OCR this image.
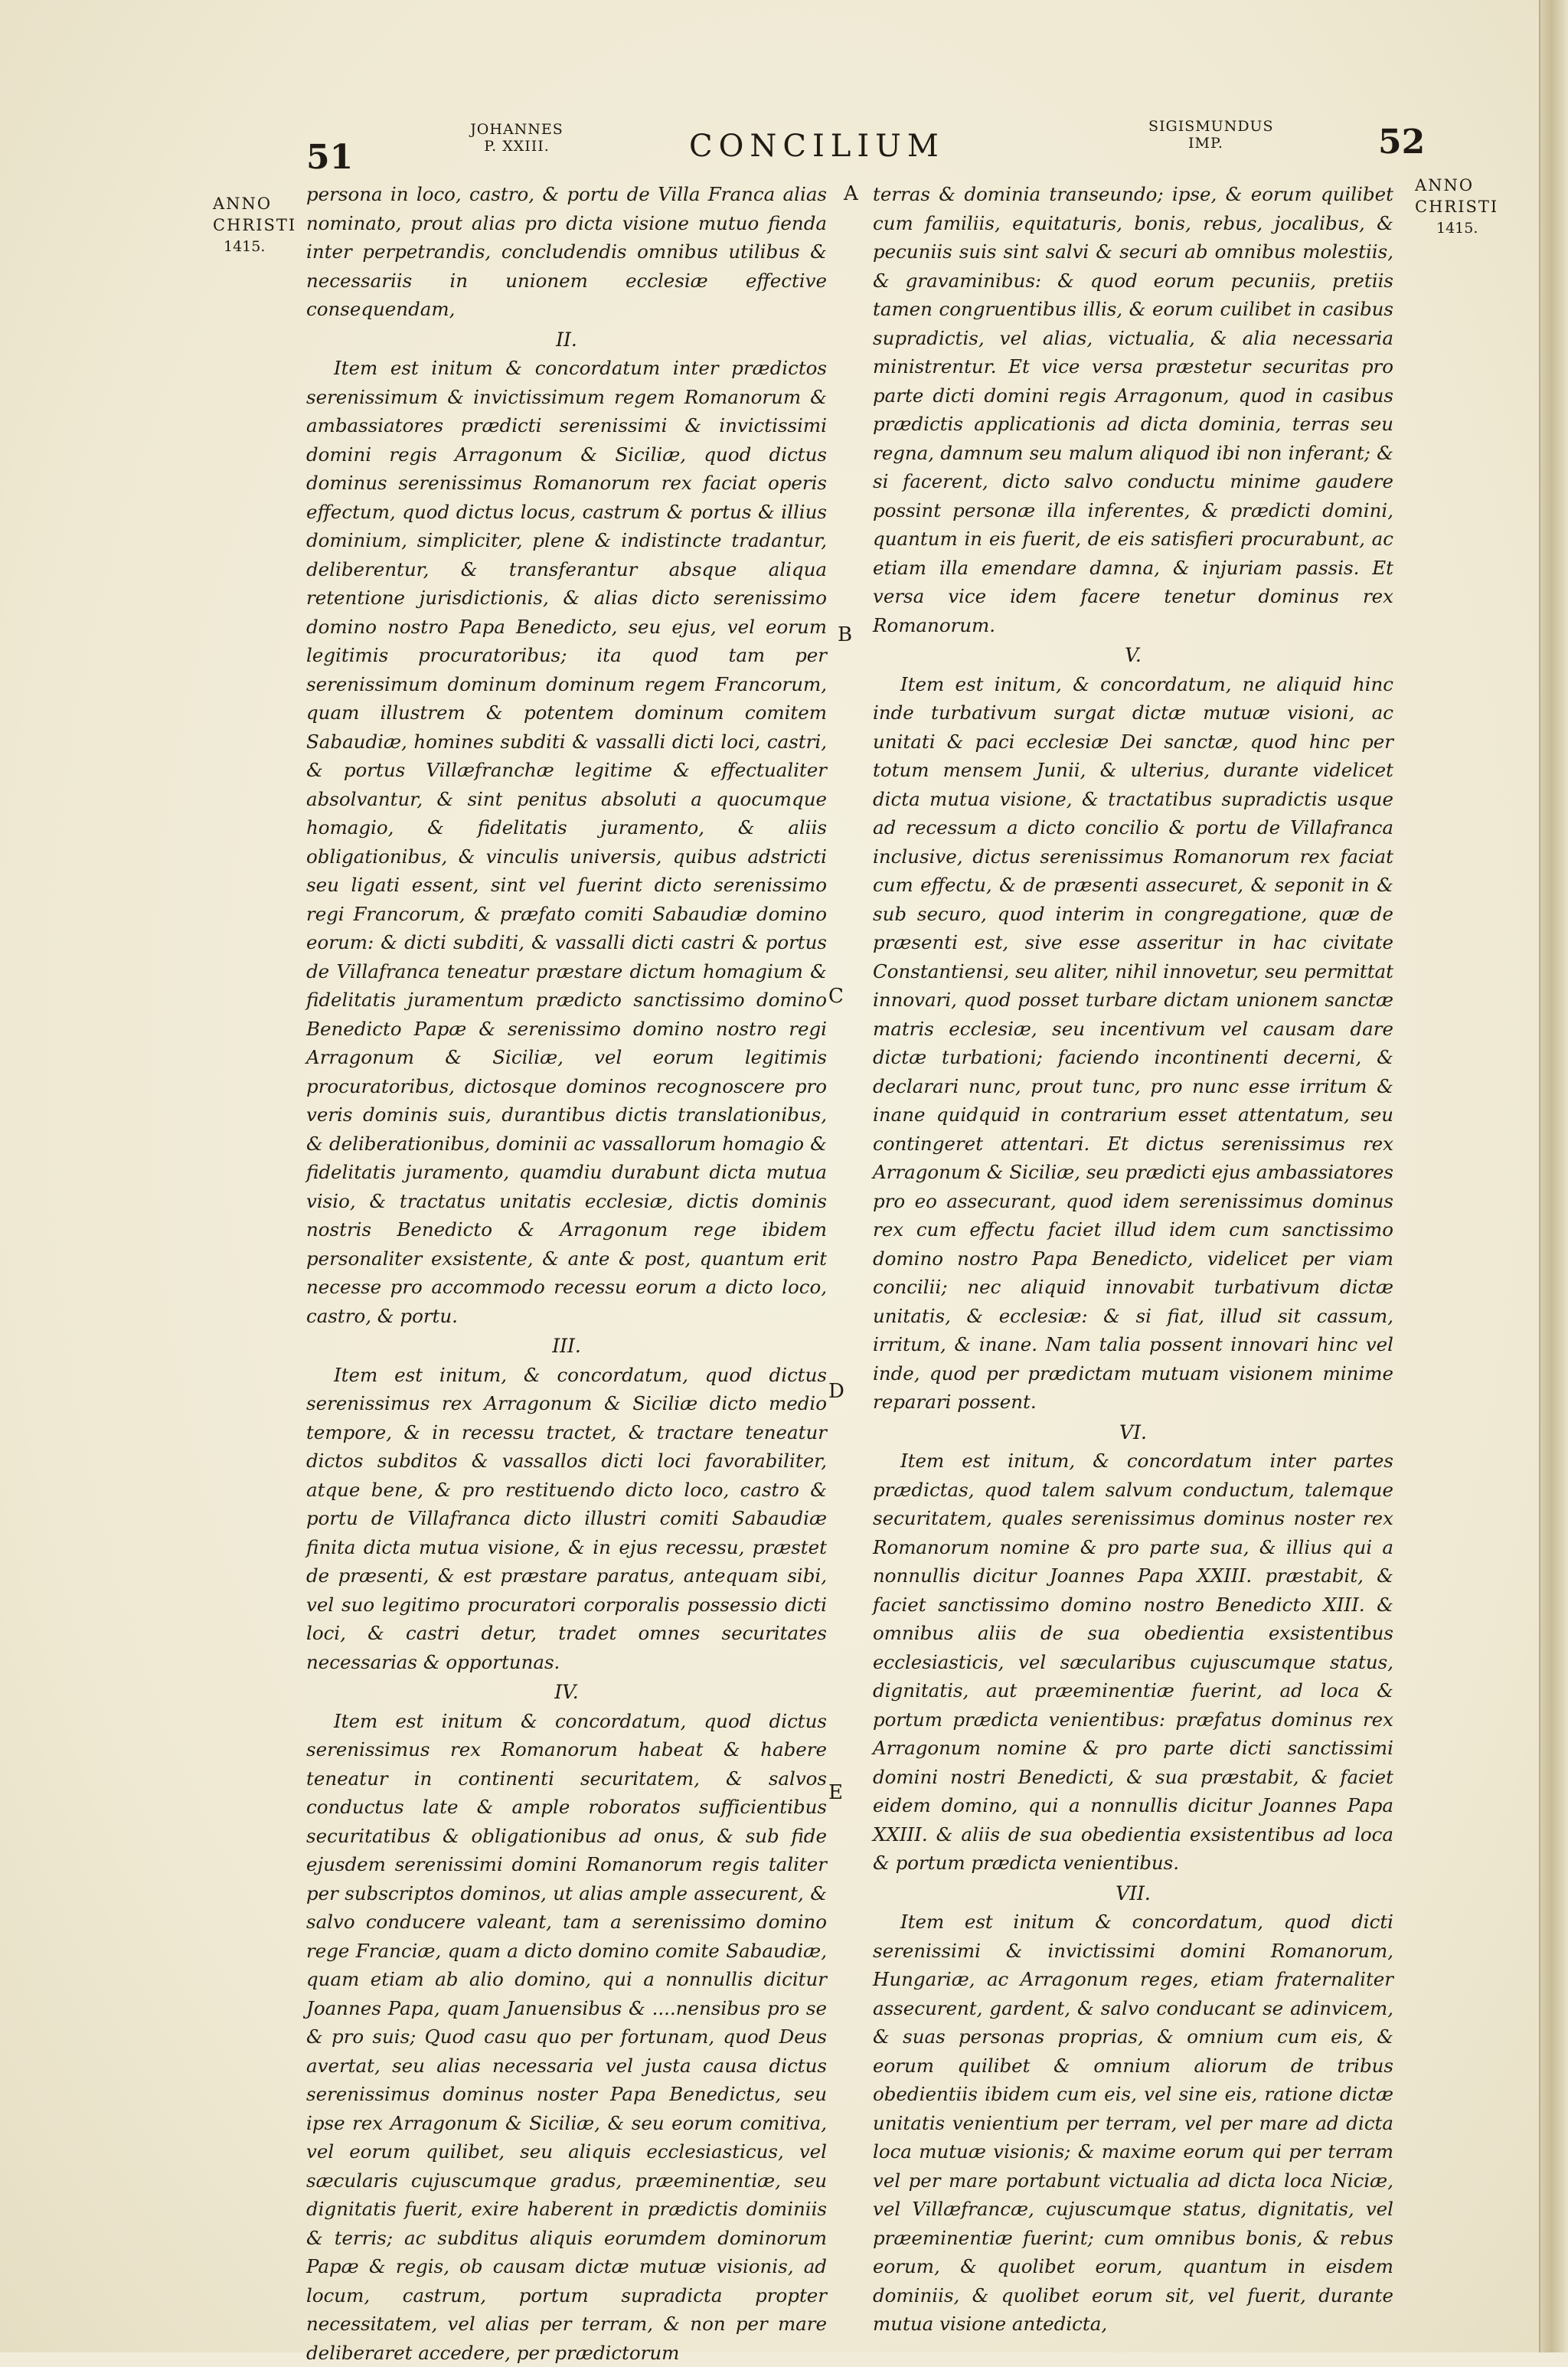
51
JOHANNES
P. XXIII.	CONCILIUM
SIGISMUNDUS
IMP.	52
ANNO
CHRISTI
1415.
ANNO
CHRISTI
1415.
A
B
C
D
E

persona in loco, castro, & portu de Villa Franca alias nominato, prout alias pro dicta visione mutuo fienda inter perpetrandis, concludendis omnibus utilibus & necessariis in unionem ecclesiæ effective consequendam,

II.

Item est initum & concordatum inter prædictos serenissimum & invictissimum regem Romanorum & ambassiatores prædicti serenissimi & invictissimi domini regis Arragonum & Siciliæ, quod dictus dominus serenissimus Romanorum rex faciat operis effectum, quod dictus locus, castrum & portus & illius dominium, simpliciter, plene & indistincte tradantur, deliberentur, & transferantur absque aliqua retentione jurisdictionis, & alias dicto serenissimo domino nostro Papa Benedicto, seu ejus, vel eorum legitimis procuratoribus; ita quod tam per serenissimum dominum dominum regem Francorum, quam illustrem & potentem dominum comitem Sabaudiæ, homines subditi & vassalli dicti loci, castri, & portus Villæfranchæ legitime & effectualiter absolvantur, & sint penitus absoluti a quocumque homagio, & fidelitatis juramento, & aliis obligationibus, & vinculis universis, quibus adstricti seu ligati essent, sint vel fuerint dicto serenissimo regi Francorum, & præfato comiti Sabaudiæ domino eorum: & dicti subditi, & vassalli dicti castri & portus de Villafranca teneatur præstare dictum homagium & fidelitatis juramentum prædicto sanctissimo domino Benedicto Papæ & serenissimo domino nostro regi Arragonum & Siciliæ, vel eorum legitimis procuratoribus, dictosque dominos recognoscere pro veris dominis suis, durantibus dictis translationibus, & deliberationibus, dominii ac vassallorum homagio & fidelitatis juramento, quamdiu durabunt dicta mutua visio, & tractatus unitatis ecclesiæ, dictis dominis nostris Benedicto & Arragonum rege ibidem personaliter exsistente, & ante & post, quantum erit necesse pro accommodo recessu eorum a dicto loco, castro, & portu.

III.

Item est initum, & concordatum, quod dictus serenissimus rex Arragonum & Siciliæ dicto medio tempore, & in recessu tractet, & tractare teneatur dictos subditos & vassallos dicti loci favorabiliter, atque bene, & pro restituendo dicto loco, castro & portu de Villafranca dicto illustri comiti Sabaudiæ finita dicta mutua visione, & in ejus recessu, præstet de præsenti, & est præstare paratus, antequam sibi, vel suo legitimo procuratori corporalis possessio dicti loci, & castri detur, tradet omnes securitates necessarias & opportunas.

IV.

Item est initum & concordatum, quod dictus serenissimus rex Romanorum habeat & habere teneatur in continenti securitatem, & salvos conductus late & ample roboratos sufficientibus securitatibus & obligationibus ad onus, & sub fide ejusdem serenissimi domini Romanorum regis taliter per subscriptos dominos, ut alias ample assecurent, & salvo conducere valeant, tam a serenissimo domino rege Franciæ, quam a dicto domino comite Sabaudiæ, quam etiam ab alio domino, qui a nonnullis dicitur Joannes Papa, quam Januensibus & ....nensibus pro se & pro suis; Quod casu quo per fortunam, quod Deus avertat, seu alias necessaria vel justa causa dictus serenissimus dominus noster Papa Benedictus, seu ipse rex Arragonum & Siciliæ, & seu eorum comitiva, vel eorum quilibet, seu aliquis ecclesiasticus, vel sæcularis cujuscumque gradus, præeminentiæ, seu dignitatis fuerit, exire haberent in prædictis dominiis & terris; ac subditus aliquis eorumdem dominorum Papæ & regis, ob causam dictæ mutuæ visionis, ad locum, castrum, portum supradicta propter necessitatem, vel alias per terram, & non per mare deliberaret accedere, per prædictorum

terras & dominia transeundo; ipse, & eorum quilibet cum familiis, equitaturis, bonis, rebus, jocalibus, & pecuniis suis sint salvi & securi ab omnibus molestiis, & gravaminibus: & quod eorum pecuniis, pretiis tamen congruentibus illis, & eorum cuilibet in casibus supradictis, vel alias, victualia, & alia necessaria ministrentur. Et vice versa præstetur securitas pro parte dicti domini regis Arragonum, quod in casibus prædictis applicationis ad dicta dominia, terras seu regna, damnum seu malum aliquod ibi non inferant; & si facerent, dicto salvo conductu minime gaudere possint personæ illa inferentes, & prædicti domini, quantum in eis fuerit, de eis satisfieri procurabunt, ac etiam illa emendare damna, & injuriam passis. Et versa vice idem facere tenetur dominus rex Romanorum.

V.

Item est initum, & concordatum, ne aliquid hinc inde turbativum surgat dictæ mutuæ visioni, ac unitati & paci ecclesiæ Dei sanctæ, quod hinc per totum mensem Junii, & ulterius, durante videlicet dicta mutua visione, & tractatibus supradictis usque ad recessum a dicto concilio & portu de Villafranca inclusive, dictus serenissimus Romanorum rex faciat cum effectu, & de præsenti assecuret, & seponit in & sub securo, quod interim in congregatione, quæ de præsenti est, sive esse asseritur in hac civitate Constantiensi, seu aliter, nihil innovetur, seu permittat innovari, quod posset turbare dictam unionem sanctæ matris ecclesiæ, seu incentivum vel causam dare dictæ turbationi; faciendo incontinenti decerni, & declarari nunc, prout tunc, pro nunc esse irritum & inane quidquid in contrarium esset attentatum, seu contingeret attentari. Et dictus serenissimus rex Arragonum & Siciliæ, seu prædicti ejus ambassiatores pro eo assecurant, quod idem serenissimus dominus rex cum effectu faciet illud idem cum sanctissimo domino nostro Papa Benedicto, videlicet per viam concilii; nec aliquid innovabit turbativum dictæ unitatis, & ecclesiæ: & si fiat, illud sit cassum, irritum, & inane. Nam talia possent innovari hinc vel inde, quod per prædictam mutuam visionem minime reparari possent.

VI.

Item est initum, & concordatum inter partes prædictas, quod talem salvum conductum, talemque securitatem, quales serenissimus dominus noster rex Romanorum nomine & pro parte sua, & illius qui a nonnullis dicitur Joannes Papa XXIII. præstabit, & faciet sanctissimo domino nostro Benedicto XIII. & omnibus aliis de sua obedientia exsistentibus ecclesiasticis, vel sæcularibus cujuscumque status, dignitatis, aut præeminentiæ fuerint, ad loca & portum prædicta venientibus: præfatus dominus rex Arragonum nomine & pro parte dicti sanctissimi domini nostri Benedicti, & sua præstabit, & faciet eidem domino, qui a nonnullis dicitur Joannes Papa XXIII. & aliis de sua obedientia exsistentibus ad loca & portum prædicta venientibus.

VII.

Item est initum & concordatum, quod dicti serenissimi & invictissimi domini Romanorum, Hungariæ, ac Arragonum reges, etiam fraternaliter assecurent, gardent, & salvo conducant se adinvicem, & suas personas proprias, & omnium cum eis, & eorum quilibet & omnium aliorum de tribus obedientiis ibidem cum eis, vel sine eis, ratione dictæ unitatis venientium per terram, vel per mare ad dicta loca mutuæ visionis; & maxime eorum qui per terram vel per mare portabunt victualia ad dicta loca Niciæ, vel Villæfrancæ, cujuscumque status, dignitatis, vel præeminentiæ fuerint; cum omnibus bonis, & rebus eorum, & quolibet eorum, quantum in eisdem dominiis, & quolibet eorum sit, vel fuerit, durante mutua visione antedicta,
